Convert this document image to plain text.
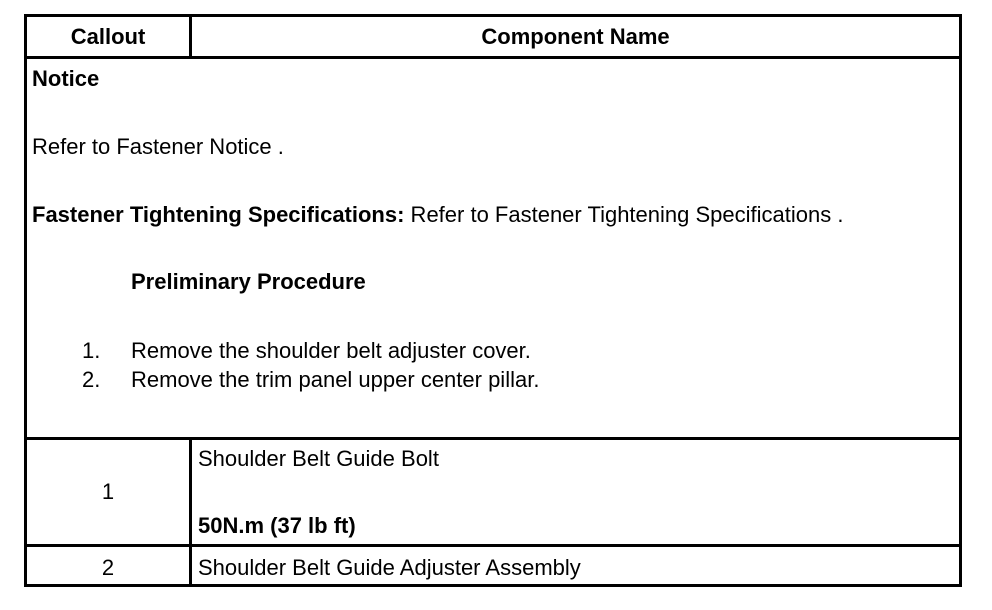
Callout	Component Name
Notice
Refer to Fastener Notice .
Fastener Tightening Specifications: Refer to Fastener Tightening Specifications .
Preliminary Procedure
1. Remove the shoulder belt adjuster cover.
2. Remove the trim panel upper center pillar.
1
Shoulder Belt Guide Bolt
50N.m (37 lb ft)
2	Shoulder Belt Guide Adjuster Assembly
